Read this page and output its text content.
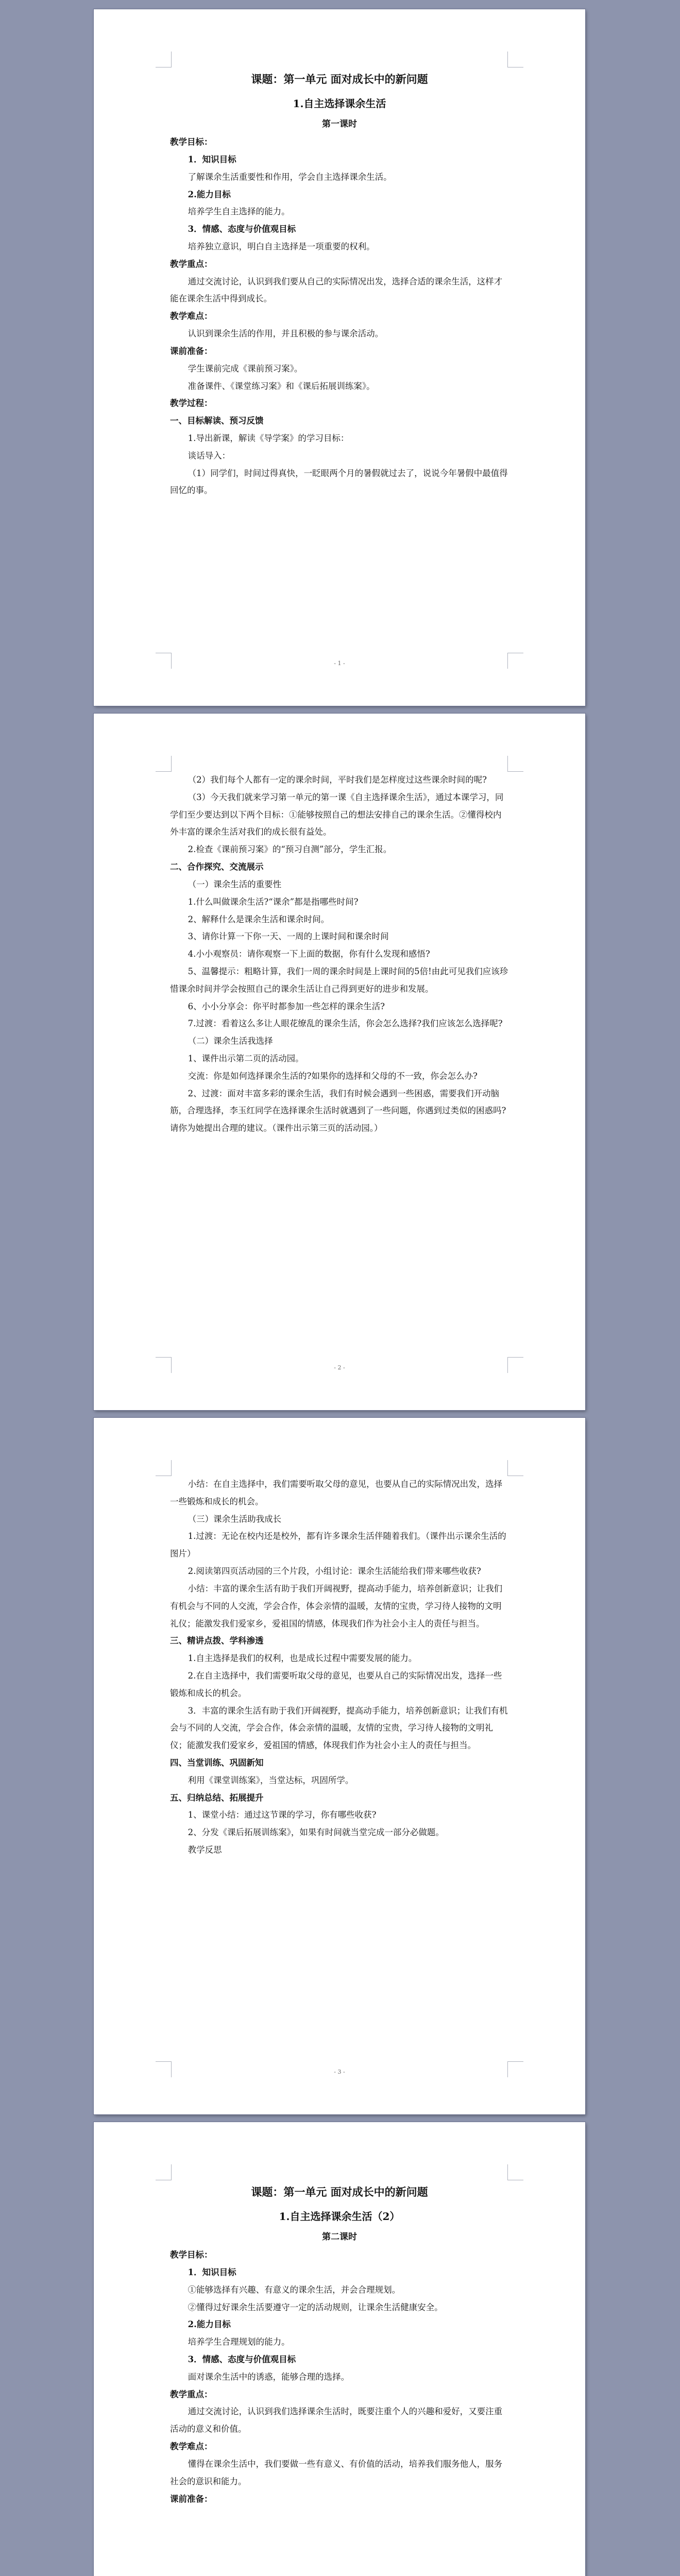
课题：第一单元 面对成长中的新问题

1.自主选择课余生活

第一课时

教学目标：

1．知识目标

了解课余生活重要性和作用，学会自主选择课余生活。

2.能力目标

培养学生自主选择的能力。

3．情感、态度与价值观目标

培养独立意识，明白自主选择是一项重要的权利。

教学重点：

通过交流讨论，认识到我们要从自己的实际情况出发，选择合适的课余生活，这样才能在课余生活中得到成长。

教学难点：

认识到课余生活的作用，并且积极的参与课余活动。

课前准备：

学生课前完成《课前预习案》。

准备课件、《课堂练习案》和《课后拓展训练案》。

教学过程：

一、目标解读、预习反馈

1.导出新课，解读《导学案》的学习目标：

谈话导入：

（1）同学们，时间过得真快，一眨眼两个月的暑假就过去了，说说今年暑假中最值得回忆的事。

- 1 -

（2）我们每个人都有一定的课余时间，平时我们是怎样度过这些课余时间的呢?

（3）今天我们就来学习第一单元的第一课《自主选择课余生活》，通过本课学习，同学们至少要达到以下两个目标：①能够按照自己的想法安排自己的课余生活。②懂得校内外丰富的课余生活对我们的成长很有益处。

2.检查《课前预习案》的“预习自测”部分，学生汇报。

二、合作探究、交流展示

（一）课余生活的重要性

1.什么叫做课余生活?“课余”都是指哪些时间?

2、解释什么是课余生活和课余时间。

3、请你计算一下你一天、一周的上课时间和课余时间

4.小小观察员：请你观察一下上面的数据，你有什么发现和感悟?

5、温馨提示：粗略计算，我们一周的课余时间是上课时间的5倍!由此可见我们应该珍惜课余时间并学会按照自己的课余生活让自己得到更好的进步和发展。

6、小小分享会：你平时都参加一些怎样的课余生活?

7.过渡：看着这么多让人眼花缭乱的课余生活，你会怎么选择?我们应该怎么选择呢?

（二）课余生活我选择

1、课件出示第二页的活动园。

交流：你是如何选择课余生活的?如果你的选择和父母的不一致，你会怎么办?

2、过渡：面对丰富多彩的课余生活，我们有时候会遇到一些困惑，需要我们开动脑筋，合理选择，李玉红同学在选择课余生活时就遇到了一些问题，你遇到过类似的困惑吗?请你为她提出合理的建议。（课件出示第三页的活动园。）

- 2 -

小结：在自主选择中，我们需要听取父母的意见，也要从自己的实际情况出发，选择一些锻炼和成长的机会。

（三）课余生活助我成长

1.过渡：无论在校内还是校外，都有许多课余生活伴随着我们。（课件出示课余生活的图片）

2.阅读第四页活动园的三个片段，小组讨论：课余生活能给我们带来哪些收获?

小结：丰富的课余生活有助于我们开阔视野，提高动手能力，培养创新意识；让我们有机会与不同的人交流，学会合作，体会亲情的温暖，友情的宝贵，学习待人接物的文明礼仪；能激发我们爱家乡，爱祖国的情感，体现我们作为社会小主人的责任与担当。

三、精讲点拨、学科渗透

1.自主选择是我们的权利，也是成长过程中需要发展的能力。

2.在自主选择中，我们需要听取父母的意见，也要从自己的实际情况出发，选择一些锻炼和成长的机会。

3．丰富的课余生活有助于我们开阔视野，提高动手能力，培养创新意识；让我们有机会与不同的人交流，学会合作，体会亲情的温暖，友情的宝贵，学习待人接物的文明礼仪；能激发我们爱家乡，爱祖国的情感，体现我们作为社会小主人的责任与担当。

四、当堂训练、巩固新知

利用《课堂训练案》，当堂达标，巩固所学。

五、归纳总结、拓展提升

1、课堂小结：通过这节课的学习，你有哪些收获?

2、分发《课后拓展训练案》，如果有时间就当堂完成一部分必做题。

教学反思

- 3 -

课题：第一单元 面对成长中的新问题

1.自主选择课余生活（2）

第二课时

教学目标：

1．知识目标

①能够选择有兴趣、有意义的课余生活，并会合理规划。

②懂得过好课余生活要遵守一定的活动规则，让课余生活健康安全。

2.能力目标

培养学生合理规划的能力。

3．情感、态度与价值观目标

面对课余生活中的诱惑，能够合理的选择。

教学重点：

通过交流讨论，认识到我们选择课余生活时，既要注重个人的兴趣和爱好，又要注重活动的意义和价值。

教学难点：

懂得在课余生活中，我们要做一些有意义、有价值的活动，培养我们服务他人，服务社会的意识和能力。

课前准备：
